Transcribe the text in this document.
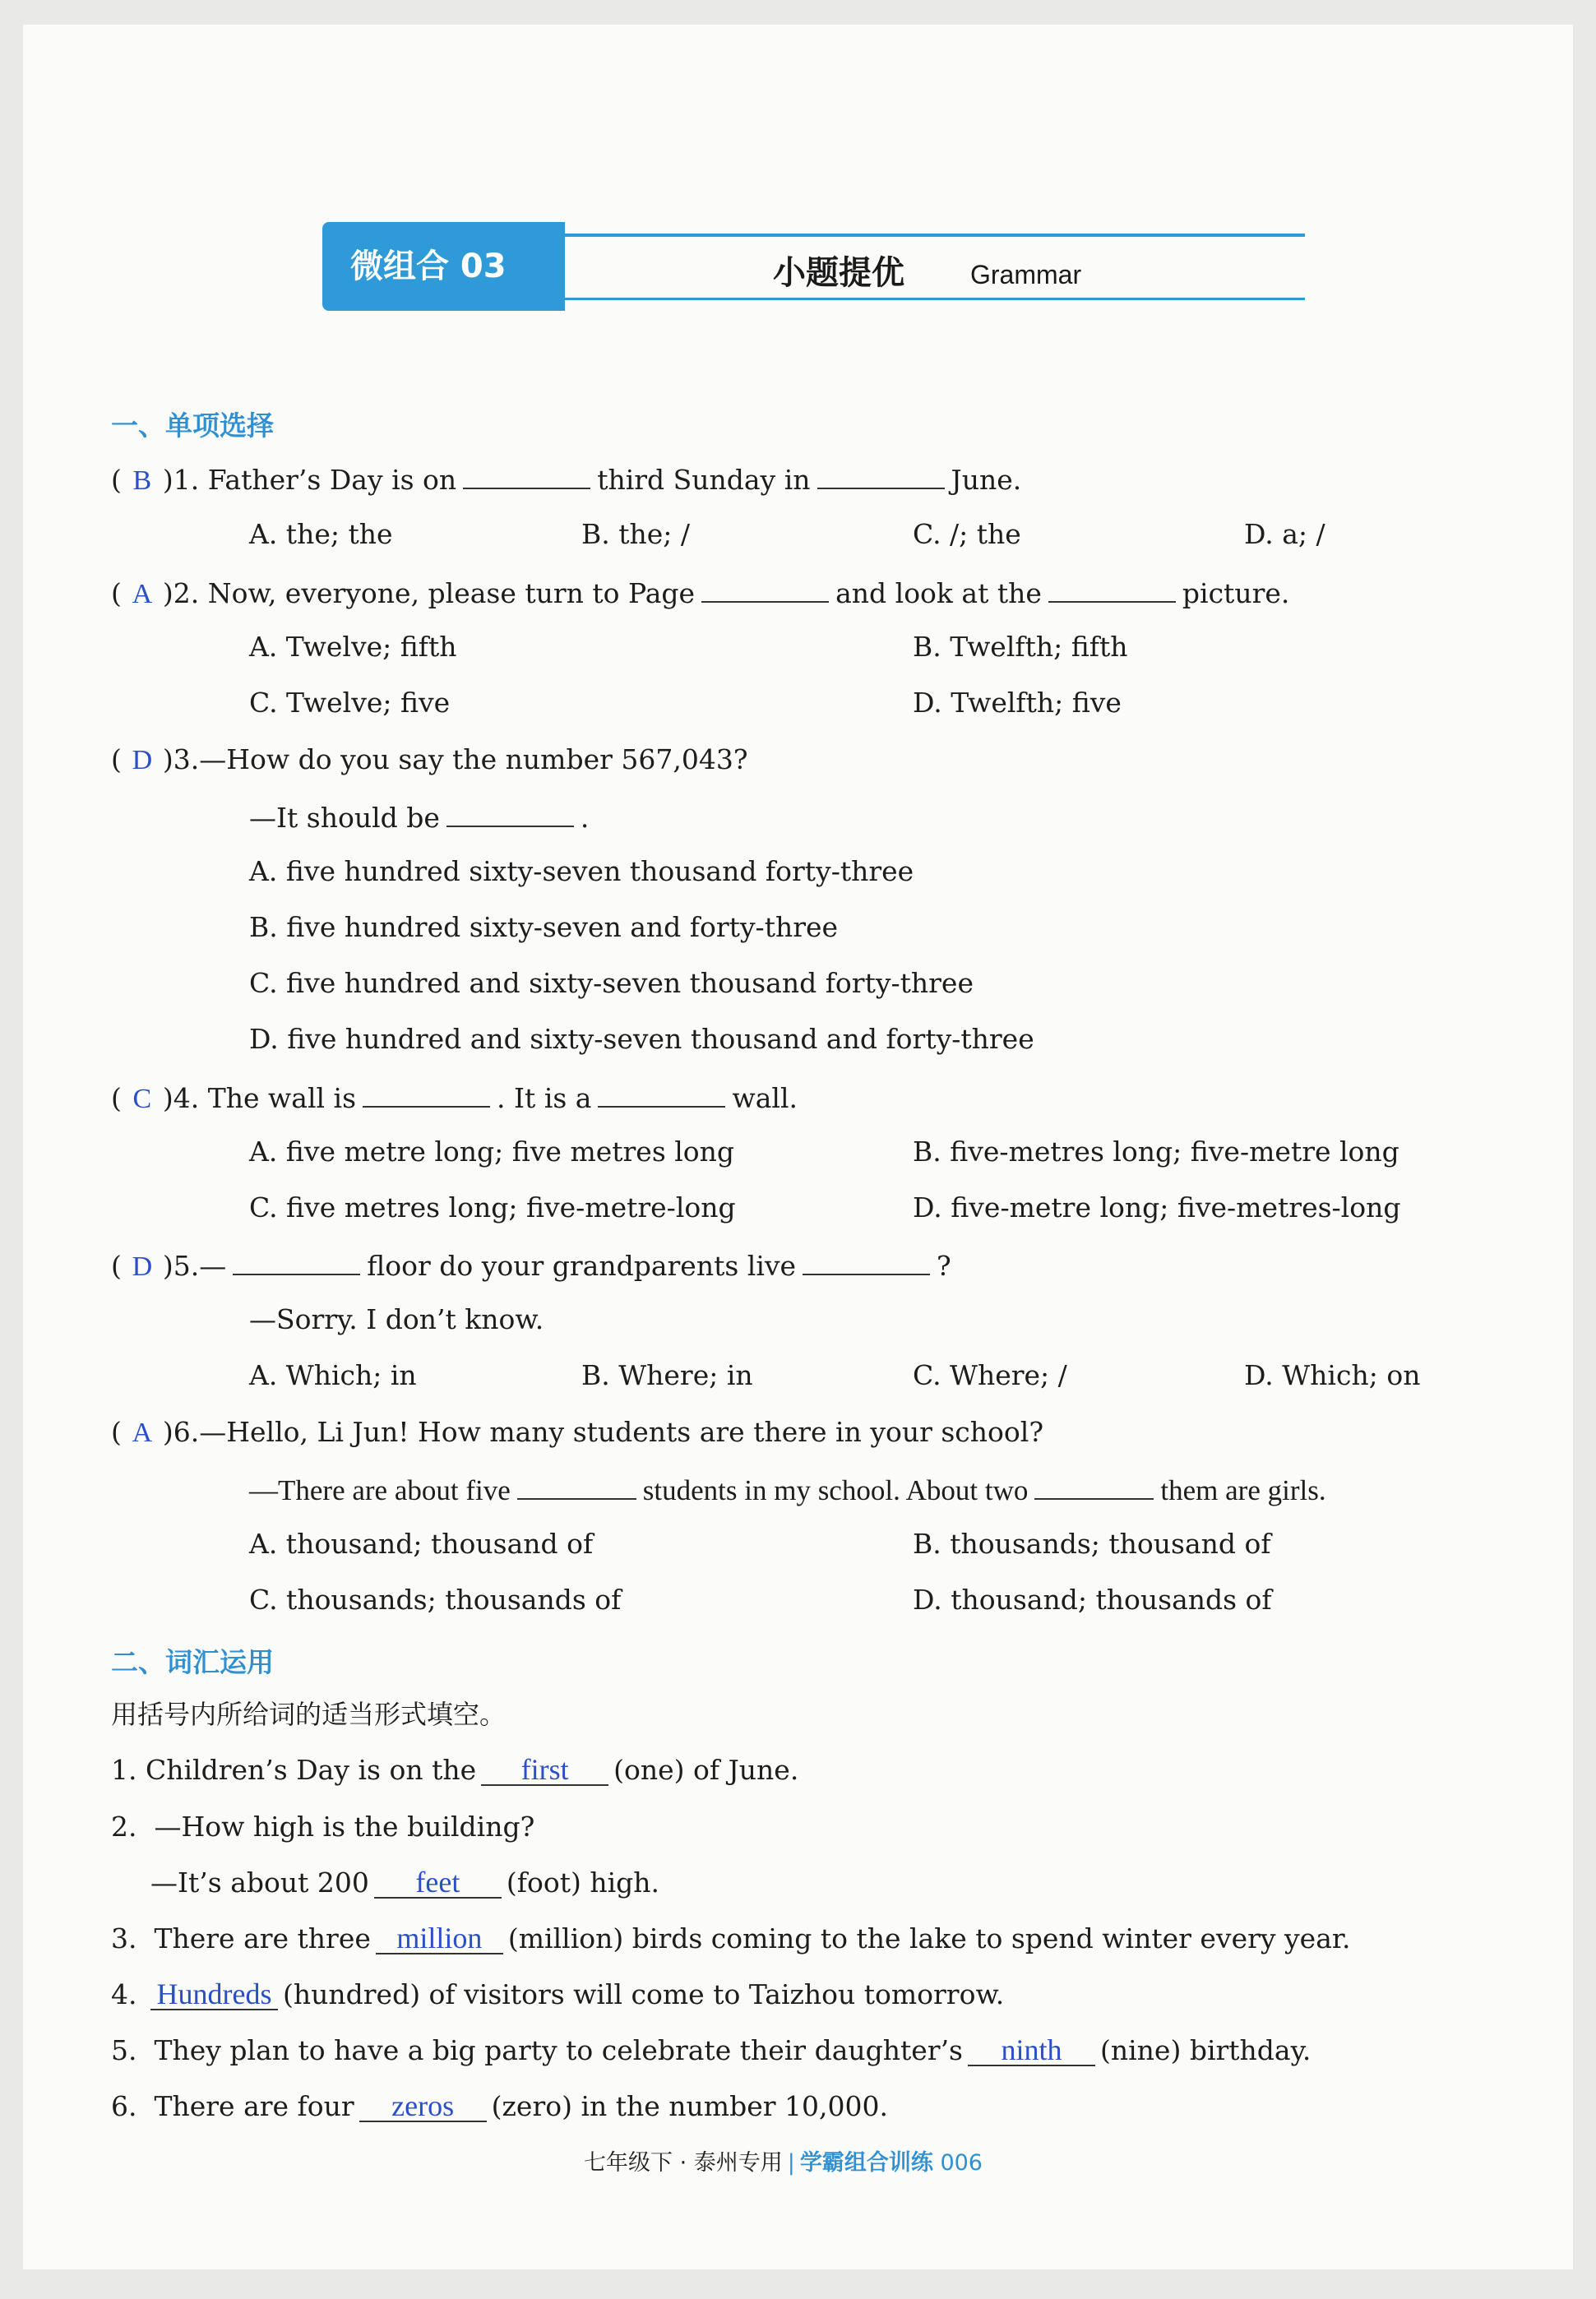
微组合 03	小题提优	Grammar
一、单项选择
( B )1. Father’s Day is on	third Sunday in	June.
A. the; the	B. the; /	C. /; the	D. a; /
( A )2. Now, everyone, please turn to Page	and look at the	picture.
A. Twelve; fifth	B. Twelfth; fifth
C. Twelve; five	D. Twelfth; five
( D )3.—How do you say the number 567,043?
—It should be	.
A. five hundred sixty-seven thousand forty-three
B. five hundred sixty-seven and forty-three
C. five hundred and sixty-seven thousand forty-three
D. five hundred and sixty-seven thousand and forty-three
( C )4. The wall is	. It is a	wall.
A. five metre long; five metres long	B. five-metres long; five-metre long
C. five metres long; five-metre-long	D. five-metre long; five-metres-long
( D )5.—	floor do your grandparents live	?
—Sorry. I don’t know.
A. Which; in	B. Where; in	C. Where; /	D. Which; on
( A )6.—Hello, Li Jun! How many students are there in your school?
—There are about five	students in my school. About two	them are girls.
A. thousand; thousand of	B. thousands; thousand of
C. thousands; thousands of	D. thousand; thousands of
二、词汇运用
用括号内所给词的适当形式填空。
1. Children’s Day is on the first (one) of June.
2. —How high is the building?
—It’s about 200 feet (foot) high.
3. There are three million (million) birds coming to the lake to spend winter every year.
4. Hundreds (hundred) of visitors will come to Taizhou tomorrow.
5. They plan to have a big party to celebrate their daughter’s ninth (nine) birthday.
6. There are four zeros (zero) in the number 10,000.
七年级下 · 泰州专用 | 学霸组合训练 006
